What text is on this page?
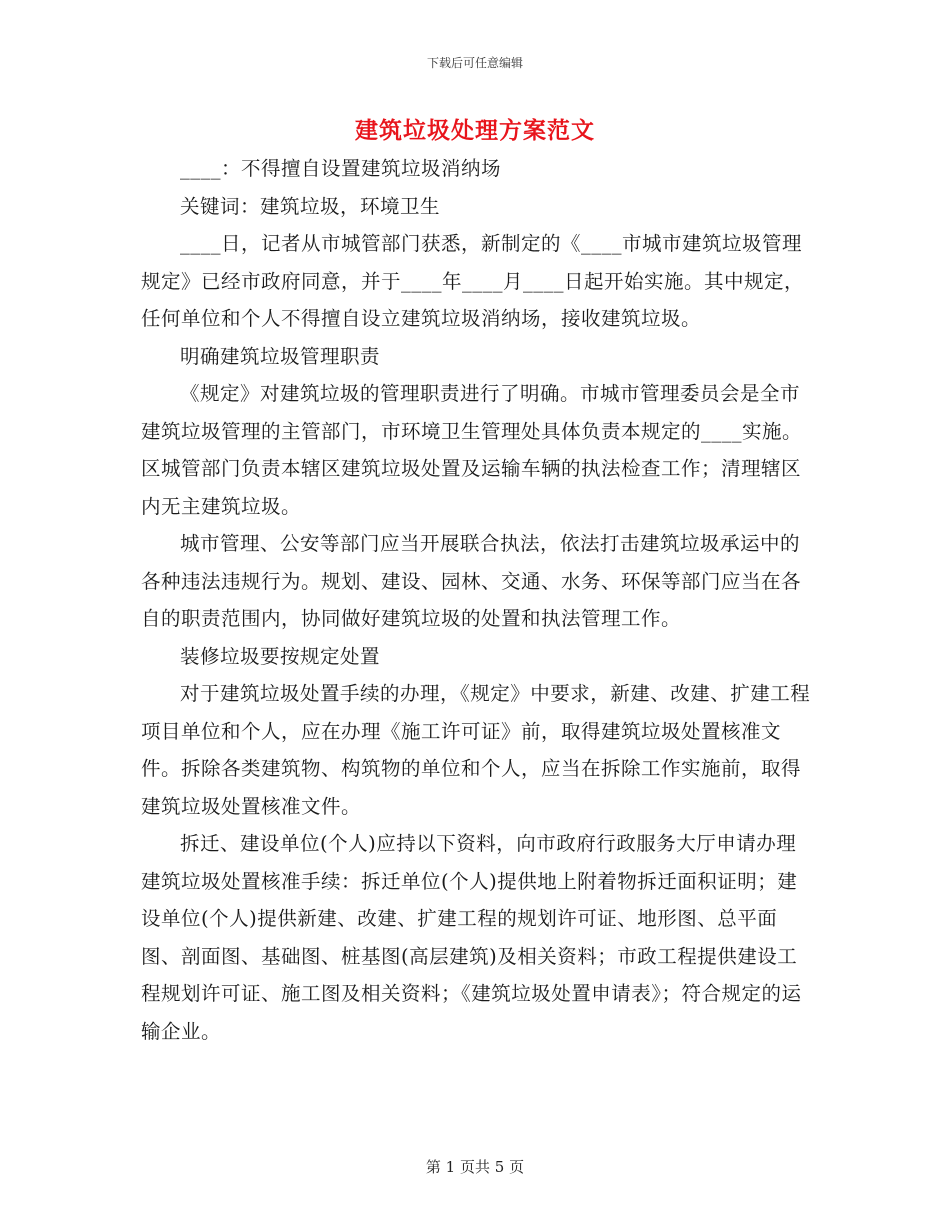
下载后可任意编辑
建筑垃圾处理方案范文

____：不得擅自设置建筑垃圾消纳场

关键词：建筑垃圾，环境卫生

____日，记者从市城管部门获悉，新制定的《____市城市建筑垃圾管理规定》已经市政府同意，并于____年____月____日起开始实施。其中规定，任何单位和个人不得擅自设立建筑垃圾消纳场，接收建筑垃圾。

明确建筑垃圾管理职责

《规定》对建筑垃圾的管理职责进行了明确。市城市管理委员会是全市建筑垃圾管理的主管部门，市环境卫生管理处具体负责本规定的____实施。区城管部门负责本辖区建筑垃圾处置及运输车辆的执法检查工作；清理辖区内无主建筑垃圾。

城市管理、公安等部门应当开展联合执法，依法打击建筑垃圾承运中的各种违法违规行为。规划、建设、园林、交通、水务、环保等部门应当在各自的职责范围内，协同做好建筑垃圾的处置和执法管理工作。

装修垃圾要按规定处置

对于建筑垃圾处置手续的办理，《规定》中要求，新建、改建、扩建工程项目单位和个人，应在办理《施工许可证》前，取得建筑垃圾处置核准文件。拆除各类建筑物、构筑物的单位和个人，应当在拆除工作实施前，取得建筑垃圾处置核准文件。

拆迁、建设单位(个人)应持以下资料，向市政府行政服务大厅申请办理建筑垃圾处置核准手续：拆迁单位(个人)提供地上附着物拆迁面积证明；建设单位(个人)提供新建、改建、扩建工程的规划许可证、地形图、总平面图、剖面图、基础图、桩基图(高层建筑)及相关资料；市政工程提供建设工程规划许可证、施工图及相关资料；《建筑垃圾处置申请表》；符合规定的运输企业。

第 1 页共 5 页
